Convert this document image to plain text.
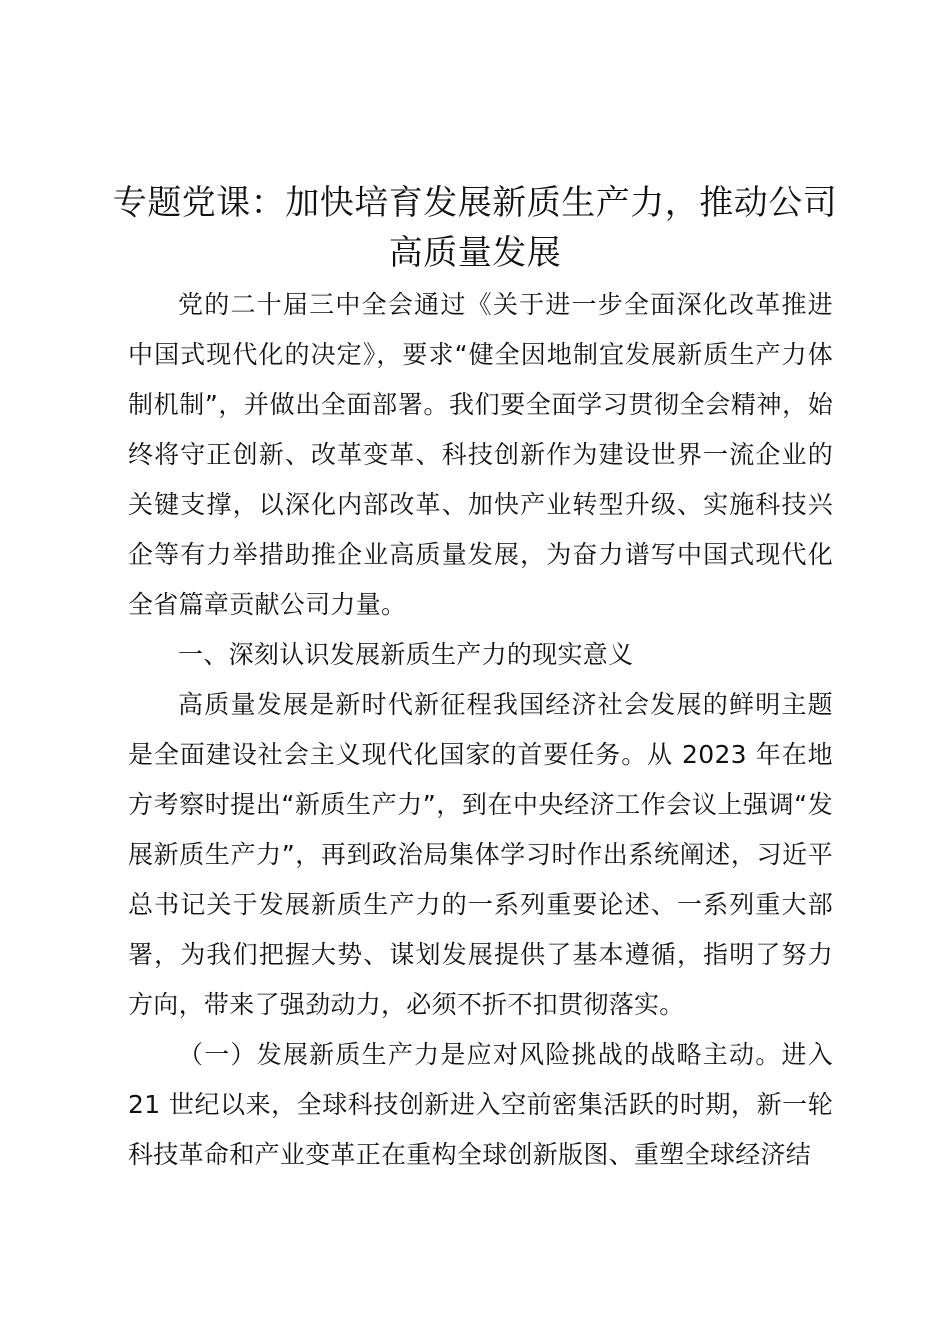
专题党课：加快培育发展新质生产力，推动公司高质量发展

党的二十届三中全会通过《关于进一步全面深化改革推进中国式现代化的决定》，要求“健全因地制宜发展新质生产力体制机制”，并做出全面部署。我们要全面学习贯彻全会精神，始终将守正创新、改革变革、科技创新作为建设世界一流企业的关键支撑，以深化内部改革、加快产业转型升级、实施科技兴企等有力举措助推企业高质量发展，为奋力谱写中国式现代化全省篇章贡献公司力量。

一、深刻认识发展新质生产力的现实意义

高质量发展是新时代新征程我国经济社会发展的鲜明主题是全面建设社会主义现代化国家的首要任务。从 2023 年在地方考察时提出“新质生产力”，到在中央经济工作会议上强调“发展新质生产力”，再到政治局集体学习时作出系统阐述，习近平总书记关于发展新质生产力的一系列重要论述、一系列重大部署，为我们把握大势、谋划发展提供了基本遵循，指明了努力方向，带来了强劲动力，必须不折不扣贯彻落实。

（一）发展新质生产力是应对风险挑战的战略主动。进入 21 世纪以来，全球科技创新进入空前密集活跃的时期，新一轮科技革命和产业变革正在重构全球创新版图、重塑全球经济结
